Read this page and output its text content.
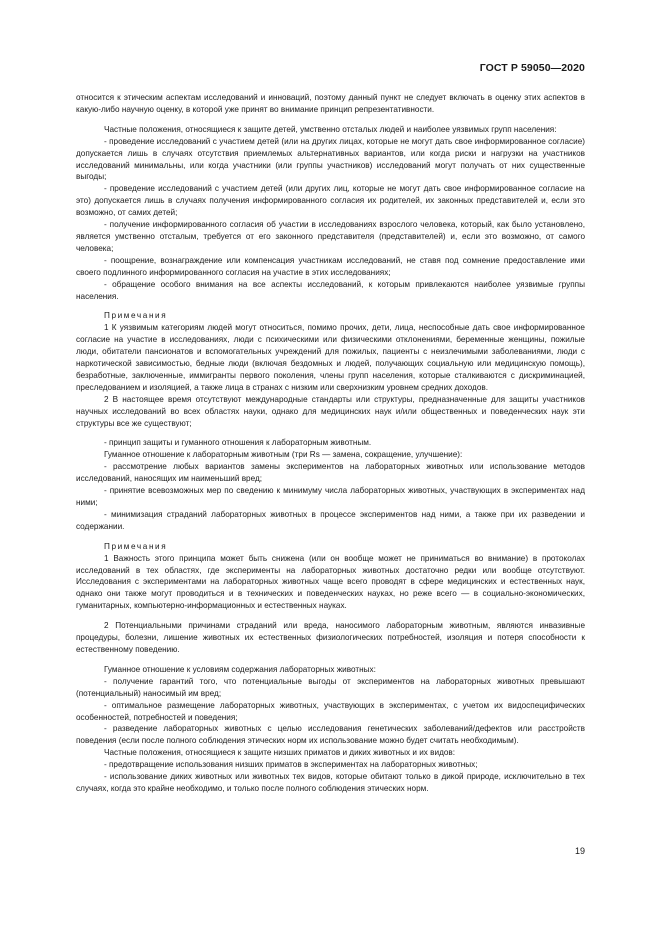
ГОСТ Р 59050—2020

относится к этическим аспектам исследований и инноваций, поэтому данный пункт не следует включать в оценку этих аспектов в какую-либо научную оценку, в которой уже принят во внимание принцип репрезентативности.

Частные положения, относящиеся к защите детей, умственно отсталых людей и наиболее уязвимых групп населения:

- проведение исследований с участием детей (или на других лицах, которые не могут дать свое информированное согласие) допускается лишь в случаях отсутствия приемлемых альтернативных вариантов, или когда риски и нагрузки на участников исследований минимальны, или когда участники (или группы участников) исследований могут получать от них существенные выгоды;

- проведение исследований с участием детей (или других лиц, которые не могут дать свое информированное согласие на это) допускается лишь в случаях получения информированного согласия их родителей, их законных представителей и, если это возможно, от самих детей;

- получение информированного согласия об участии в исследованиях взрослого человека, который, как было установлено, является умственно отсталым, требуется от его законного представителя (представителей) и, если это возможно, от самого человека;

- поощрение, вознаграждение или компенсация участникам исследований, не ставя под сомнение предоставление ими своего подлинного информированного согласия на участие в этих исследованиях;

- обращение особого внимания на все аспекты исследований, к которым привлекаются наиболее уязвимые группы населения.

Примечания

1 К уязвимым категориям людей могут относиться, помимо прочих, дети, лица, неспособные дать свое информированное согласие на участие в исследованиях, люди с психическими или физическими отклонениями, беременные женщины, пожилые люди, обитатели пансионатов и вспомогательных учреждений для пожилых, пациенты с неизлечимыми заболеваниями, люди с наркотической зависимостью, бедные люди (включая бездомных и людей, получающих социальную или медицинскую помощь), безработные, заключенные, иммигранты первого поколения, члены групп населения, которые сталкиваются с дискриминацией, преследованием и изоляцией, а также лица в странах с низким или сверхнизким уровнем средних доходов.

2 В настоящее время отсутствуют международные стандарты или структуры, предназначенные для защиты участников научных исследований во всех областях науки, однако для медицинских наук и/или общественных и поведенческих наук эти структуры все же существуют;

- принцип защиты и гуманного отношения к лабораторным животным.

Гуманное отношение к лабораторным животным (три Rs — замена, сокращение, улучшение):

- рассмотрение любых вариантов замены экспериментов на лабораторных животных или использование методов исследований, наносящих им наименьший вред;

- принятие всевозможных мер по сведению к минимуму числа лабораторных животных, участвующих в экспериментах над ними;

- минимизация страданий лабораторных животных в процессе экспериментов над ними, а также при их разведении и содержании.

Примечания

1 Важность этого принципа может быть снижена (или он вообще может не приниматься во внимание) в протоколах исследований в тех областях, где эксперименты на лабораторных животных достаточно редки или вообще отсутствуют. Исследования с экспериментами на лабораторных животных чаще всего проводят в сфере медицинских и естественных наук, однако они также могут проводиться и в технических и поведенческих науках, но реже всего — в социально-экономических, гуманитарных, компьютерно-информационных и естественных науках.

2 Потенциальными причинами страданий или вреда, наносимого лабораторным животным, являются инвазивные процедуры, болезни, лишение животных их естественных физиологических потребностей, изоляция и потеря способности к естественному поведению.

Гуманное отношение к условиям содержания лабораторных животных:

- получение гарантий того, что потенциальные выгоды от экспериментов на лабораторных животных превышают (потенциальный) наносимый им вред;

- оптимальное размещение лабораторных животных, участвующих в экспериментах, с учетом их видоспецифических особенностей, потребностей и поведения;

- разведение лабораторных животных с целью исследования генетических заболеваний/дефектов или расстройств поведения (если после полного соблюдения этических норм их использование можно будет считать необходимым).

Частные положения, относящиеся к защите низших приматов и диких животных и их видов:

- предотвращение использования низших приматов в экспериментах на лабораторных животных;

- использование диких животных или животных тех видов, которые обитают только в дикой природе, исключительно в тех случаях, когда это крайне необходимо, и только после полного соблюдения этических норм.

19
